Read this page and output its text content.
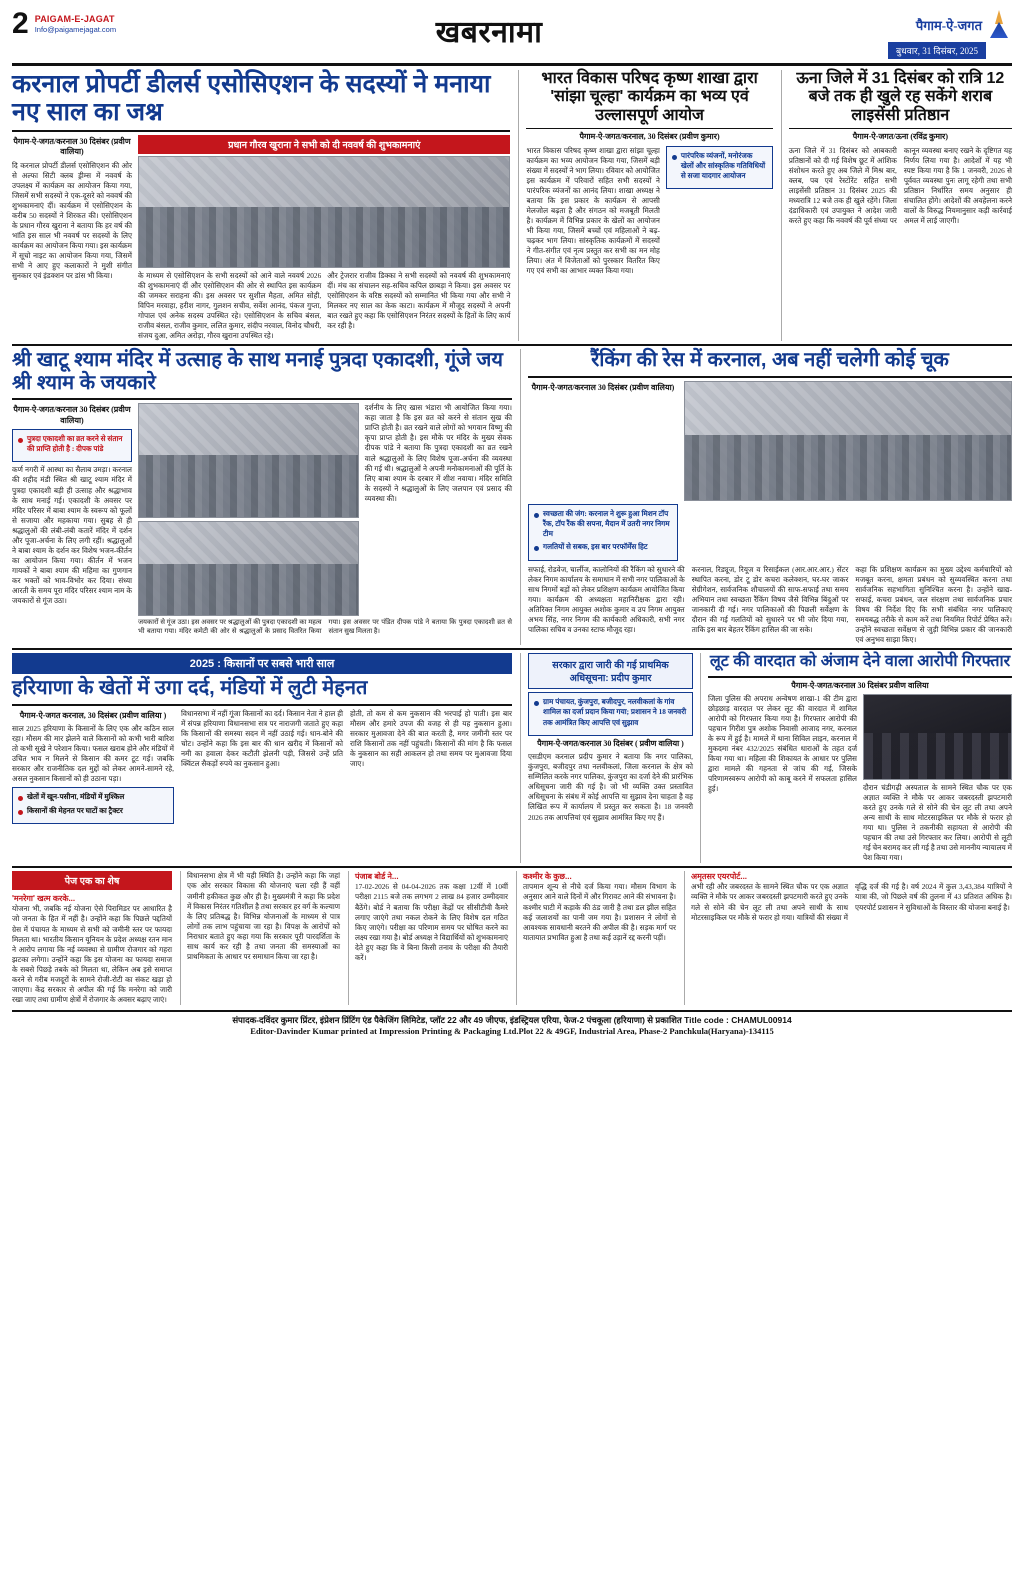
2 PAIGAM-E-JAGAT
Info@paigamejagat.com	खबरनामा	पैगाम-ऐ-जगत
बुधवार, 31 दिसंबर, 2025
करनाल प्रोपर्टी डीलर्स एसोसिएशन के सदस्यों ने मनाया नए साल का जश्न
पैगाम-ऐ-जगत/करनाल 30 दिसंबर (प्रवीण वालिया)
दि करनाल प्रोपर्टी डीलर्स एसोसिएशन की ओर से अल्फा सिटी क्लब ड्रीम्स में नववर्ष के उपलक्ष्य में कार्यक्रम का आयोजन किया गया, जिसमें सभी सदस्यों ने एक-दूसरे को नववर्ष की शुभकामनाएं दीं। कार्यक्रम में एसोसिएशन के करीब 50 सदस्यों ने शिरकत की। एसोसिएशन के प्रधान गौरव खुराना ने बताया कि हर वर्ष की भांति इस साल भी नववर्ष पर सदस्यों के लिए कार्यक्रम का आयोजन किया गया। इस कार्यक्रम में सूचो नाइट का आयोजन किया गया, जिसमें सभी ने आए हुए कलाकारों ने मुशी संगीत सुनकार एवं इंडक्शन पर डांस भी किया।
प्रधान गौरव खुराना ने सभी को दी नववर्ष की शुभकामनाएं
के माध्यम से एसोसिएशन के सभी सदस्यों को आने वाले नववर्ष 2026 की शुभकामनाएं दीं और एसोसिएशन की ओर से स्थापित इस कार्यक्रम की जमकर सराहना की। इस अवसर पर सुशील मैहता, अमित सोही, विपिन मरवाहा, हरीश नागर, गुलशन सचीव, सर्वेश आनंद, पंकज गुप्ता, गोपाल एवं अनेक सदस्य उपस्थित रहे। एसोसिएशन के सचिव बंसल, राजीव बंसल, राजीव कुमार, ललित कुमार, संदीप नरवाल, विनोद चौधरी, संजय दुआ, अमित अरोड़ा, गौरव खुराना उपस्थित रहे।
और ट्रेजरार राजीव डिक्का ने सभी सदस्यों को नववर्ष की शुभकामनाएं दीं। मंच का संचालन सह-सचिव कपिल छाबड़ा ने किया। इस अवसर पर एसोसिएशन के वरिष्ठ सदस्यों को सम्मानित भी किया गया और सभी ने मिलकर नए साल का केक काटा। कार्यक्रम में मौजूद सदस्यों ने अपनी बात रखते हुए कहा कि एसोसिएशन निरंतर सदस्यों के हितों के लिए कार्य कर रही है।
भारत विकास परिषद कृष्ण शाखा द्वारा 'सांझा चूल्हा' कार्यक्रम का भव्य एवं उल्लासपूर्ण आयोज
पैगाम-ऐ-जगत/करनाल, 30 दिसंबर (प्रवीण कुमार)
भारत विकास परिषद कृष्ण शाखा द्वारा सांझा चूल्हा कार्यक्रम का भव्य आयोजन किया गया, जिसमें बड़ी संख्या में सदस्यों ने भाग लिया। रविवार को आयोजित इस कार्यक्रम में परिवारों सहित सभी सदस्यों ने पारंपरिक व्यंजनों का आनंद लिया। शाखा अध्यक्ष ने बताया कि इस प्रकार के कार्यक्रम से आपसी मेलजोल बढ़ता है और संगठन को मजबूती मिलती है। कार्यक्रम में विभिन्न प्रकार के खेलों का आयोजन भी किया गया, जिसमें बच्चों एवं महिलाओं ने बढ़-चढ़कर भाग लिया। सांस्कृतिक कार्यक्रमों में सदस्यों ने गीत-संगीत एवं नृत्य प्रस्तुत कर सभी का मन मोह लिया। अंत में विजेताओं को पुरस्कार वितरित किए गए एवं सभी का आभार व्यक्त किया गया।
पारंपरिक व्यंजनों, मनोरंजक खेलों और सांस्कृतिक गतिविधियों से सजा यादगार आयोजन
ऊना जिले में 31 दिसंबर को रात्रि 12 बजे तक ही खुले रह सकेंगे शराब लाइसेंसी प्रतिष्ठान
पैगाम-ऐ-जगत/ऊना (रविंद्र कुमार)
ऊना जिले में 31 दिसंबर को आबकारी प्रतिष्ठानों को दी गई विशेष छूट में आंशिक संशोधन करते हुए अब जिले में मिश्र बार, क्लब, पब एवं रेस्टोरेंट सहित सभी लाइसेंसी प्रतिष्ठान 31 दिसंबर 2025 की मध्यरात्रि 12 बजे तक ही खुले रहेंगे। जिला दंडाधिकारी एवं उपायुक्त ने आदेश जारी करते हुए कहा कि नववर्ष की पूर्व संध्या पर कानून व्यवस्था बनाए रखने के दृष्टिगत यह निर्णय लिया गया है। आदेशों में यह भी स्पष्ट किया गया है कि 1 जनवरी, 2026 से पूर्ववत व्यवस्था पुनः लागू रहेगी तथा सभी प्रतिष्ठान निर्धारित समय अनुसार ही संचालित होंगे। आदेशों की अवहेलना करने वालों के विरुद्ध नियमानुसार कड़ी कार्रवाई अमल में लाई जाएगी।
श्री खाटू श्याम मंदिर में उत्साह के साथ मनाई पुत्रदा एकादशी, गूंजे जय श्री श्याम के जयकारे
पैगाम-ऐ-जगत/करनाल 30 दिसंबर (प्रवीण वालिया)
पुत्रदा एकादशी का व्रत करने से संतान की प्राप्ति होती है : दीपक पांडे
कर्ण नगरी में आस्था का सैलाब उमड़ा। करनाल की शहीद मंडी स्थित श्री खाटू श्याम मंदिर में पुत्रदा एकादशी बड़ी ही उत्साह और श्रद्धाभाव के साथ मनाई गई। एकादशी के अवसर पर मंदिर परिसर में बाबा श्याम के स्वरूप को फूलों से सजाया और महकाया गया। सुबह से ही श्रद्धालुओं की लंबी-लंबी कतारें मंदिर में दर्शन और पूजा-अर्चना के लिए लगी रहीं। श्रद्धालुओं ने बाबा श्याम के दर्शन कर विशेष भजन-कीर्तन का आयोजन किया गया। कीर्तन में भजन गायकों ने बाबा श्याम की महिमा का गुणगान कर भक्तों को भाव-विभोर कर दिया। संध्या आरती के समय पूरा मंदिर परिसर श्याम नाम के जयकारों से गूंज उठा।
दर्शनीय के लिए खास भंडारा भी आयोजित किया गया। कहा जाता है कि इस व्रत को करने से संतान सुख की प्राप्ति होती है। व्रत रखने वाले लोगों को भगवान विष्णु की कृपा प्राप्त होती है। इस मौके पर मंदिर के मुख्य सेवक दीपक पांडे ने बताया कि पुत्रदा एकादशी का व्रत रखने वाले श्रद्धालुओं के लिए विशेष पूजा-अर्चना की व्यवस्था की गई थी। श्रद्धालुओं ने अपनी मनोकामनाओं की पूर्ति के लिए बाबा श्याम के दरबार में शीश नवाया। मंदिर समिति के सदस्यों ने श्रद्धालुओं के लिए जलपान एवं प्रसाद की व्यवस्था की।
जयकारों से गूंज उठा। इस अवसर पर श्रद्धालुओं की पुत्रदा एकादशी का महत्व भी बताया गया। मंदिर कमेटी की ओर से श्रद्धालुओं के प्रसाद वितरित किया गया। इस अवसर पर पंडित दीपक पांडे ने बताया कि पुत्रदा एकादशी व्रत से संतान सुख मिलता है।
रैंकिंग की रेस में करनाल, अब नहीं चलेगी कोई चूक
पैगाम-ऐ-जगत/करनाल 30 दिसंबर (प्रवीण वालिया)
स्वच्छता की जंग: करनाल ने शुरू हुआ मिशन टॉप रैंक, टॉप रैंक की सपना, मैदान में उतरी नगर निगम टीम
गलतियों से सबक, इस बार परफॉर्मेंस हिट
सफाई, रोडवेज, चार्लीज, कालोनियों की रैंकिंग को सुधारने की लेकर निगम कार्यालय के समाधान में सभी नगर पालिकाओं के साथ निगमों बड़ों को लेकर प्रशिक्षण कार्यक्रम आयोजित किया गया। कार्यक्रम की अध्यक्षता महानिरीक्षक द्वारा रही। अतिरिक्त निगम आयुक्त अशोक कुमार व उप निगम आयुक्त अभय सिंह, नगर निगम की कार्यकारी अधिकारी, सभी नगर पालिका सचिव व उनका स्टाफ मौजूद रहा।
करनाल, रिड्यूज, रियूज व रिसाईकल (आर.आर.आर.) सेंटर स्थापित करना, डोर टू डोर कचरा कलेक्शन, घर-घर जाकर सेग्रीगेशन, सार्वजनिक शौचालयों की साफ-सफाई तथा समय अभियान तथा स्वच्छता रैंकिंग विषय जैसे विभिन्न बिंदुओं पर जानकारी दी गई। नगर पालिकाओं की पिछली सर्वेक्षण के दौरान की गई गलतियों को सुधारने पर भी जोर दिया गया, ताकि इस बार बेहतर रैंकिंग हासिल की जा सके।
कहा कि प्रशिक्षण कार्यक्रम का मुख्य उद्देश्य कर्मचारियों को मजबूत करना, क्षमता प्रबंधन को सुव्यवस्थित करना तथा सार्वजनिक सहभागिता सुनिश्चित करना है। उन्होंने खाद्य-सफाई, कचरा प्रबंधन, जल संरक्षण तथा सार्वजनिक प्रचार विषय की निर्देश दिए कि सभी संबंधित नगर पालिकाएं समयबद्ध तरीके से काम करें तथा नियमित रिपोर्ट प्रेषित करें। उन्होंने स्वच्छता सर्वेक्षण से जुड़ी विभिन्न प्रकार की जानकारी एवं अनुभव साझा किए।
2025 : किसानों पर सबसे भारी साल
हरियाणा के खेतों में उगा दर्द, मंडियों में लुटी मेहनत
पैगाम-ऐ-जगत करनाल, 30 दिसंबर (प्रवीण वालिया )
साल 2025 हरियाणा के किसानों के लिए एक और कठिन साल रहा। मौसम की मार झेलने वाले किसानों को कभी भारी बारिश तो कभी सूखे ने परेशान किया। फसल खराब होने और मंडियों में उचित भाव न मिलने से किसान की कमर टूट गई। जबकि सरकार और राजनीतिक दल मुद्दों को लेकर आमने-सामने रहे, असल नुकसान किसानों को ही उठाना पड़ा।
खेतों में खून-पसीना, मंडियों में मुश्किल
किसानों की मेहनत पर घाटों का ट्रैक्टर
विधानसभा में नहीं गूंजा किसानों का दर्द। किसान नेता ने हाल ही में संपन्न हरियाणा विधानसभा सत्र पर नाराजगी जताते हुए कहा कि किसानों की समस्या सदन में नहीं उठाई गई। धान-बोने की चोट। उन्होंने कहा कि इस बार की धान खरीद में किसानों को नमी का हवाला देकर कटौती झेलनी पड़ी, जिससे उन्हें प्रति क्विंटल सैकड़ों रुपये का नुकसान हुआ।
होती, तो कम से कम नुकसान की भरपाई हो पाती। इस बार मौसम और हमारे उपज की वजह से ही यह नुकसान हुआ। सरकार मुआवजा देने की बात करती है, मगर जमीनी स्तर पर राशि किसानों तक नहीं पहुंचती। किसानों की मांग है कि फसल के नुकसान का सही आकलन हो तथा समय पर मुआवजा दिया जाए।
सरकार द्वारा जारी की गई प्राथमिक अधिसूचना: प्रदीप कुमार
ग्राम पंचायत, कुंजपुरा, बजीदपुर, नलवीकलां के गांव शामिल का दर्जा प्रदान किया गया; प्रशासन ने 18 जनवरी तक आमंत्रित किए आपत्ति एवं सुझाव
पैगाम-ऐ-जगत/करनाल 30 दिसंबर ( प्रवीण वालिया )
एसडीएम करनाल प्रदीप कुमार ने बताया कि नगर पालिका, कुंजपुरा, बजीदपुर तथा नलवीकलां, जिला करनाल के क्षेत्र को सम्मिलित करके नगर पालिका, कुंजपुरा का दर्जा देने की प्रारंभिक अधिसूचना जारी की गई है। जो भी व्यक्ति उक्त प्रस्तावित अधिसूचना के संबंध में कोई आपत्ति या सुझाव देना चाहता है वह लिखित रूप में कार्यालय में प्रस्तुत कर सकता है। 18 जनवरी 2026 तक आपत्तियां एवं सुझाव आमंत्रित किए गए हैं।
लूट की वारदात को अंजाम देने वाला आरोपी गिरफ्तार
पैगाम-ऐ-जगत/करनाल 30 दिसंबर प्रवीण वालिया
जिला पुलिस की अपराध अन्वेषण शाखा-1 की टीम द्वारा छोड़छाड़ वारदात पर लेकर लूट की वारदात में शामिल आरोपी को गिरफ्तार किया गया है। गिरफ्तार आरोपी की पहचान गिरीश पुत्र अशोक निवासी आजाद नगर, करनाल के रूप में हुई है। मामले में थाना सिविल लाइन, करनाल में मुकदमा नंबर 432/2025 संबंधित धाराओं के तहत दर्ज किया गया था। महिला की शिकायत के आधार पर पुलिस द्वारा मामले की गहनता से जांच की गई, जिसके परिणामस्वरूप आरोपी को काबू करने में सफलता हासिल हुई।	दौरान चंडीगढ़ी अस्पताल के सामने स्थित चौक पर एक अज्ञात व्यक्ति ने मौके पर आकर जबरदस्ती झपटमारी करते हुए उनके गले से सोने की चेन लूट ली तथा अपने अन्य साथी के साथ मोटरसाइकिल पर मौके से फरार हो गया था। पुलिस ने तकनीकी सहायता से आरोपी की पहचान की तथा उसे गिरफ्तार कर लिया। आरोपी से लूटी गई चेन बरामद कर ली गई है तथा उसे माननीय न्यायालय में पेश किया गया।
पेज एक का शेष
'मनरेगा' खत्म करके...
योजना भी, जबकि नई योजना ऐसे पिरामिडर पर आधारित है जो जनता के हित में नहीं है। उन्होंने कहा कि पिछले पद्दतियों ग्रेस में पंचायत के माध्यम से सभी को जमीनी स्तर पर फायदा मिलता था। भारतीय किसान यूनियन के प्रदेश अध्यक्ष रतन मान ने आरोप लगाया कि नई व्यवस्था से ग्रामीण रोजगार को गहरा झटका लगेगा। उन्होंने कहा कि इस योजना का फायदा समाज के सबसे पिछड़े तबके को मिलता था, लेकिन अब इसे समाप्त करने से गरीब मजदूरों के सामने रोजी-रोटी का संकट खड़ा हो जाएगा। केंद्र सरकार से अपील की गई कि मनरेगा को जारी रखा जाए तथा ग्रामीण क्षेत्रों में रोजगार के अवसर बढ़ाए जाएं।
विधानसभा क्षेत्र में भी यही स्थिति है। उन्होंने कहा कि जहां एक ओर सरकार विकास की योजनाएं चला रही हैं वहीं जमीनी हकीकत कुछ और ही है। मुख्यमंत्री ने कहा कि प्रदेश में विकास निरंतर गतिशील है तथा सरकार हर वर्ग के कल्याण के लिए प्रतिबद्ध है। विभिन्न योजनाओं के माध्यम से पात्र लोगों तक लाभ पहुंचाया जा रहा है। विपक्ष के आरोपों को निराधार बताते हुए कहा गया कि सरकार पूरी पारदर्शिता के साथ कार्य कर रही है तथा जनता की समस्याओं का प्राथमिकता के आधार पर समाधान किया जा रहा है।
पंजाब बोर्ड ने...
17-02-2026 से 04-04-2026 तक कक्षा 12वीं में 10वीं परीक्षा 2115 बजे तक लगभग 2 लाख 84 हजार उम्मीदवार बैठेंगे। बोर्ड ने बताया कि परीक्षा केंद्रों पर सीसीटीवी कैमरे लगाए जाएंगे तथा नकल रोकने के लिए विशेष दल गठित किए जाएंगे। परीक्षा का परिणाम समय पर घोषित करने का लक्ष्य रखा गया है। बोर्ड अध्यक्ष ने विद्यार्थियों को शुभकामनाएं देते हुए कहा कि वे बिना किसी तनाव के परीक्षा की तैयारी करें।
कश्मीर के कुछ...
तापमान शून्य से नीचे दर्ज किया गया। मौसम विभाग के अनुसार आने वाले दिनों में और गिरावट आने की संभावना है। कश्मीर घाटी में कड़ाके की ठंड जारी है तथा डल झील सहित कई जलाशयों का पानी जम गया है। प्रशासन ने लोगों से आवश्यक सावधानी बरतने की अपील की है। सड़क मार्ग पर यातायात प्रभावित हुआ है तथा कई उड़ानें रद्द करनी पड़ीं।
अमृतसर एयरपोर्ट...
अभी रही और जबरदस्त के सामने स्थित चौक पर एक अज्ञात व्यक्ति ने मौके पर आकर जबरदस्ती झपटमारी करते हुए उनके गले से सोने की चेन लूट ली तथा अपने साथी के साथ मोटरसाइकिल पर मौके से फरार हो गया। यात्रियों की संख्या में वृद्धि दर्ज की गई है। वर्ष 2024 में कुल 3,43,384 यात्रियों ने यात्रा की, जो पिछले वर्ष की तुलना में 43 प्रतिशत अधिक है। एयरपोर्ट प्रशासन ने सुविधाओं के विस्तार की योजना बनाई है।
संपादक-दविंदर कुमार प्रिंटर, इंप्रेशन प्रिंटिंग एंड पैकेजिंग लिमिटेड, प्लॉट 22 और 49 जीएफ, इंडस्ट्रियल एरिया, फेज-2 पंचकूला (हरियाणा) से प्रकाशित Title code : CHAMUL00914
Editor-Davinder Kumar printed at Impression Printing & Packaging Ltd.Plot 22 & 49GF, Industrial Area, Phase-2 Panchkula(Haryana)-134115
